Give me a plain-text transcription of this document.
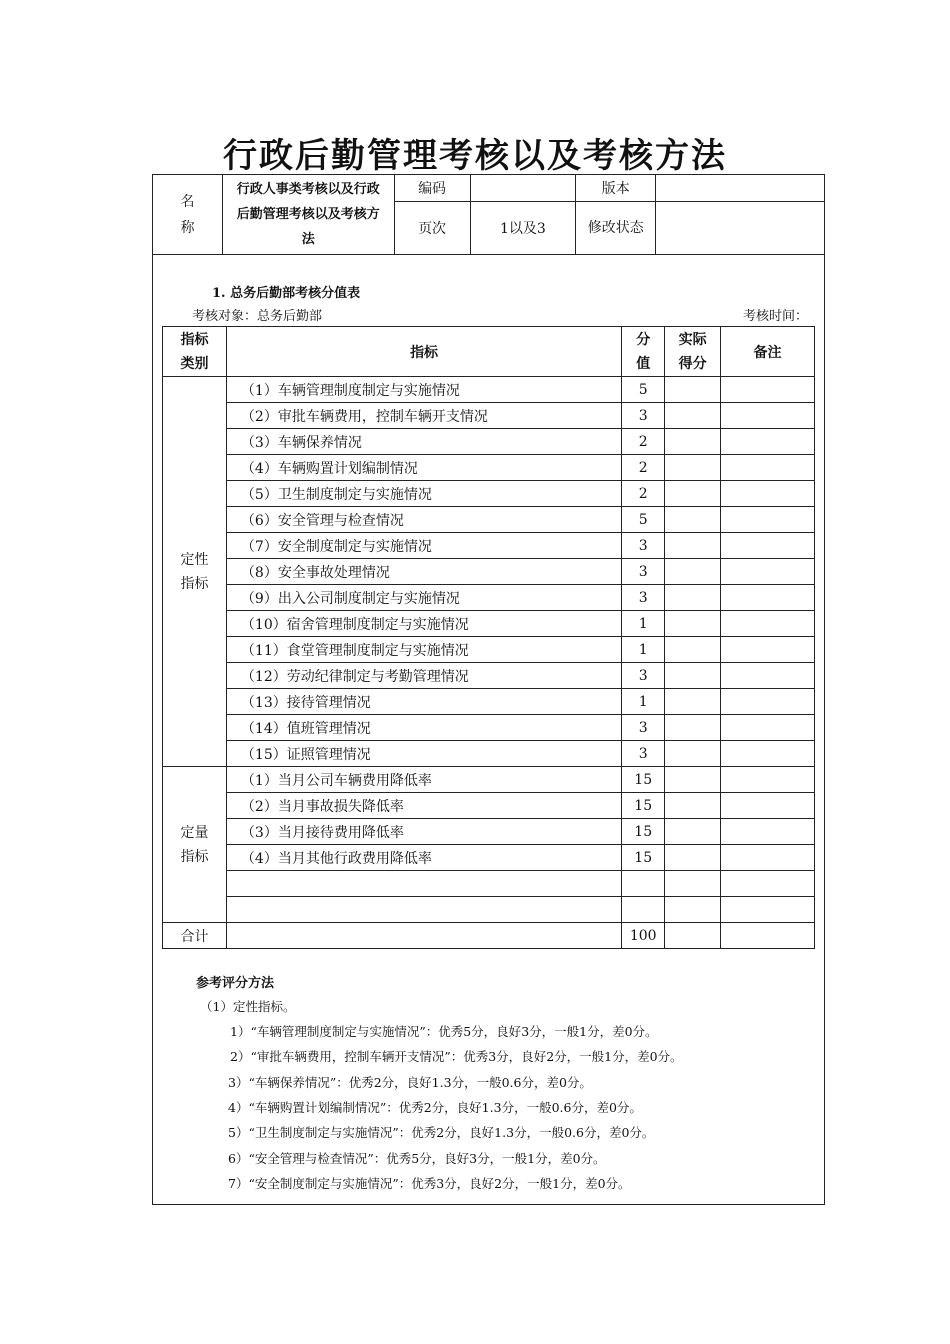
行政后勤管理考核以及考核方法
名称	行政人事类考核以及行政后勤管理考核以及考核方法	编码		版本	
		页次	1以及3	修改状态	

1. 总务后勤部考核分值表
考核对象：总务后勤部	考核时间：
指标类别	指标	分值	实际得分	备注

定性指标	（1）车辆管理制度制定与实施情况	5		
	（2）审批车辆费用，控制车辆开支情况	3		
	（3）车辆保养情况	2		
	（4）车辆购置计划编制情况	2		
	（5）卫生制度制定与实施情况	2		
	（6）安全管理与检查情况	5		
	（7）安全制度制定与实施情况	3		
	（8）安全事故处理情况	3		
	（9）出入公司制度制定与实施情况	3		
	（10）宿舍管理制度制定与实施情况	1		
	（11）食堂管理制度制定与实施情况	1		
	（12）劳动纪律制定与考勤管理情况	3		
	（13）接待管理情况	1		
	（14）值班管理情况	3		
	（15）证照管理情况	3		

定量指标	（1）当月公司车辆费用降低率	15		
	（2）当月事故损失降低率	15		
	（3）当月接待费用降低率	15		
	（4）当月其他行政费用降低率	15		

合计		100		
参考评分方法
（1）定性指标。
1）“车辆管理制度制定与实施情况”：优秀5分，良好3分，一般1分，差0分。
2）“审批车辆费用，控制车辆开支情况”：优秀3分，良好2分，一般1分，差0分。
3）“车辆保养情况”：优秀2分，良好1.3分，一般0.6分，差0分。
4）“车辆购置计划编制情况”：优秀2分，良好1.3分，一般0.6分，差0分。
5）“卫生制度制定与实施情况”：优秀2分，良好1.3分，一般0.6分，差0分。
6）“安全管理与检查情况”：优秀5分，良好3分，一般1分，差0分。
7）“安全制度制定与实施情况”：优秀3分，良好2分，一般1分，差0分。
